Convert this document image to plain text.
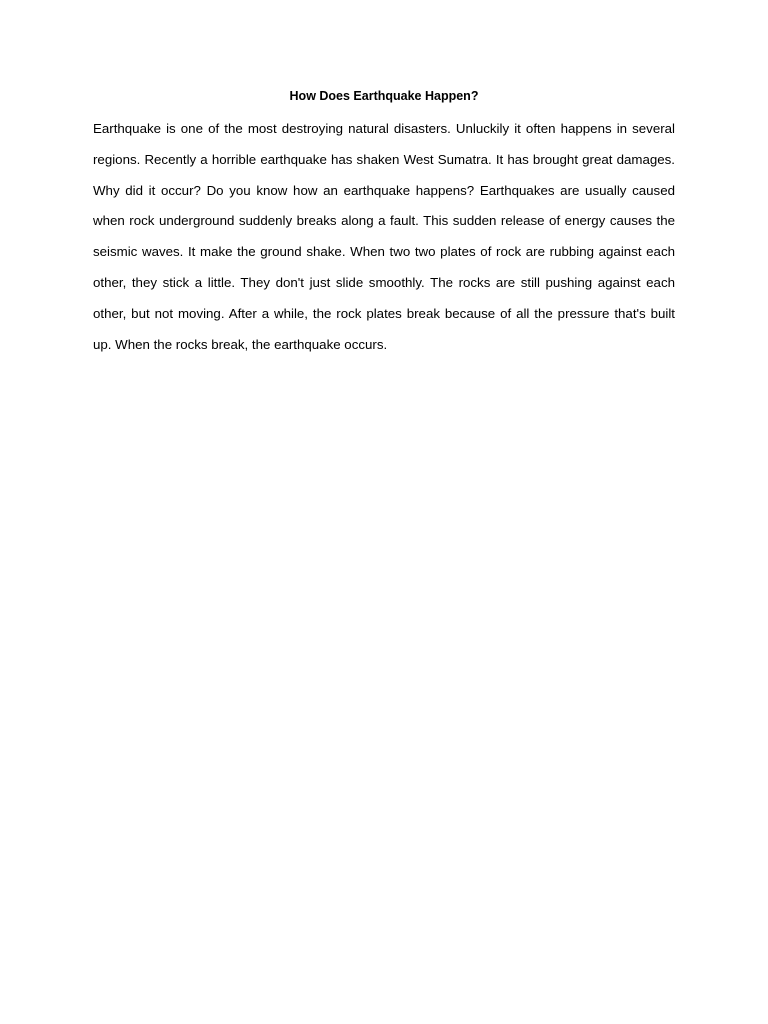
How Does Earthquake Happen?

Earthquake is one of the most destroying natural disasters. Unluckily it often happens in several regions. Recently a horrible earthquake has shaken West Sumatra. It has brought great damages. Why did it occur? Do you know how an earthquake happens? Earthquakes are usually caused when rock underground suddenly breaks along a fault. This sudden release of energy causes the seismic waves. It make the ground shake. When two two plates of rock are rubbing against each other, they stick a little. They don't just slide smoothly. The rocks are still pushing against each other, but not moving. After a while, the rock plates break because of all the pressure that's built up. When the rocks break, the earthquake occurs.
